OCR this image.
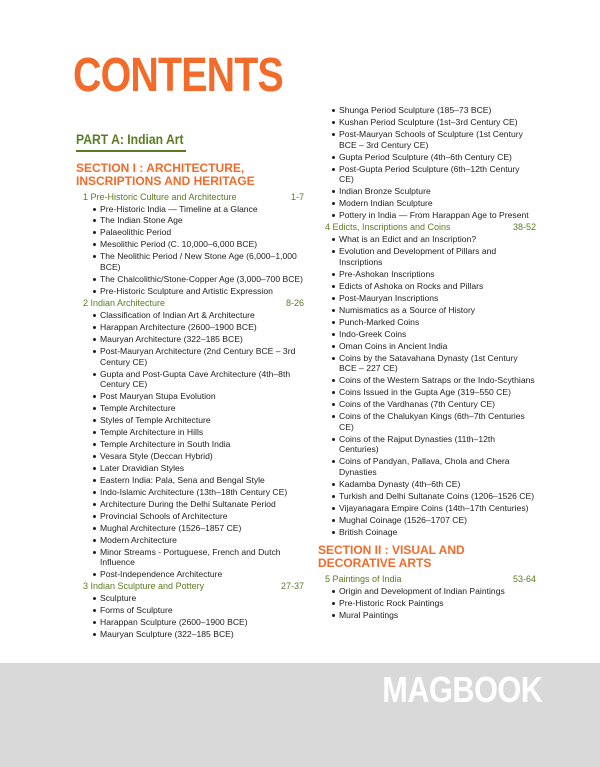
CONTENTS
PART A: Indian Art
SECTION I : ARCHITECTURE, INSCRIPTIONS AND HERITAGE
1 Pre-Historic Culture and Architecture	1-7
Pre-Historic India — Timeline at a Glance
The Indian Stone Age
Palaeolithic Period
Mesolithic Period (C. 10,000–6,000 BCE)
The Neolithic Period / New Stone Age (6,000–1,000 BCE)
The Chalcolithic/Stone-Copper Age (3,000–700 BCE)
Pre-Historic Sculpture and Artistic Expression
2 Indian Architecture	8-26
Classification of Indian Art & Architecture
Harappan Architecture (2600–1900 BCE)
Mauryan Architecture (322–185 BCE)
Post-Mauryan Architecture (2nd Century BCE – 3rd Century CE)
Gupta and Post-Gupta Cave Architecture (4th–8th Century CE)
Post Mauryan Stupa Evolution
Temple Architecture
Styles of Temple Architecture
Temple Architecture in Hills
Temple Architecture in South India
Vesara Style (Deccan Hybrid)
Later Dravidian Styles
Eastern India: Pala, Sena and Bengal Style
Indo-Islamic Architecture (13th–18th Century CE)
Architecture During the Delhi Sultanate Period
Provincial Schools of Architecture
Mughal Architecture (1526–1857 CE)
Modern Architecture
Minor Streams - Portuguese, French and Dutch Influence
Post-Independence Architecture
3 Indian Sculpture and Pottery	27-37
Sculpture
Forms of Sculpture
Harappan Sculpture (2600–1900 BCE)
Mauryan Sculpture (322–185 BCE)
Shunga Period Sculpture (185–73 BCE)
Kushan Period Sculpture (1st–3rd Century CE)
Post-Mauryan Schools of Sculpture (1st Century BCE – 3rd Century CE)
Gupta Period Sculpture (4th–6th Century CE)
Post-Gupta Period Sculpture (6th–12th Century CE)
Indian Bronze Sculpture
Modern Indian Sculpture
Pottery in India — From Harappan Age to Present
4 Edicts, Inscriptions and Coins	38-52
What is an Edict and an Inscription?
Evolution and Development of Pillars and Inscriptions
Pre-Ashokan Inscriptions
Edicts of Ashoka on Rocks and Pillars
Post-Mauryan Inscriptions
Numismatics as a Source of History
Punch-Marked Coins
Indo-Greek Coins
Oman Coins in Ancient India
Coins by the Satavahana Dynasty (1st Century BCE – 227 CE)
Coins of the Western Satraps or the Indo-Scythians
Coins Issued in the Gupta Age (319–550 CE)
Coins of the Vardhanas (7th Century CE)
Coins of the Chalukyan Kings (6th–7th Centuries CE)
Coins of the Rajput Dynasties (11th–12th Centuries)
Coins of Pandyan, Pallava, Chola and Chera Dynasties
Kadamba Dynasty (4th–6th CE)
Turkish and Delhi Sultanate Coins (1206–1526 CE)
Vijayanagara Empire Coins (14th–17th Centuries)
Mughal Coinage (1526–1707 CE)
British Coinage
SECTION II : VISUAL AND    DECORATIVE ARTS
5 Paintings of India	53-64
Origin and Development of Indian Paintings
Pre-Historic Rock Paintings
Mural Paintings
MAGBOOK
